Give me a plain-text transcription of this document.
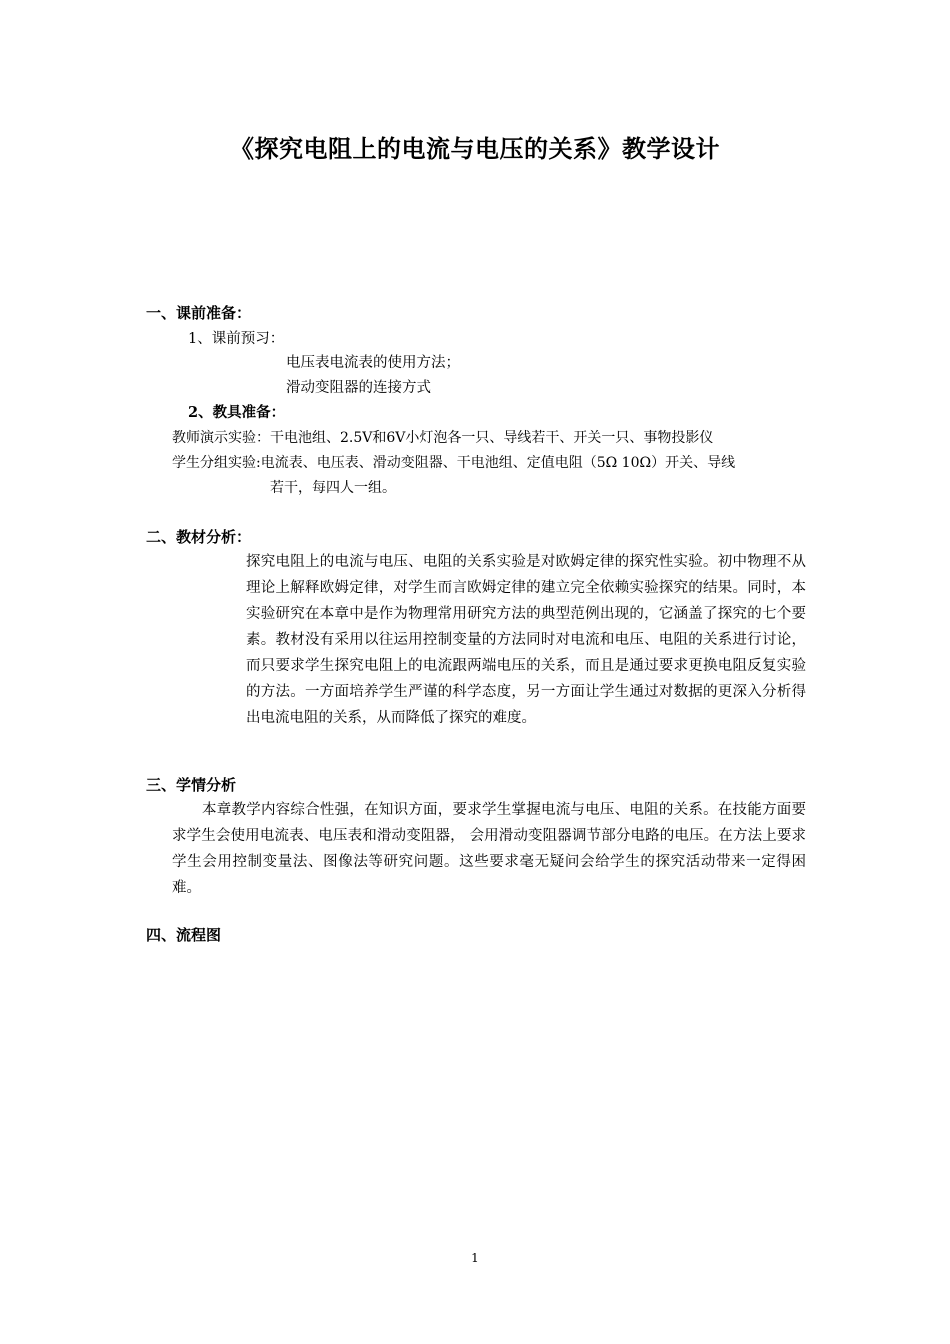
《探究电阻上的电流与电压的关系》教学设计
一、课前准备：
1、课前预习：
电压表电流表的使用方法；
滑动变阻器的连接方式
2、教具准备：
教师演示实验：干电池组、2.5V和6V小灯泡各一只、导线若干、开关一只、事物投影仪
学生分组实验:电流表、电压表、滑动变阻器、干电池组、定值电阻（5Ω 10Ω）开关、导线
若干，每四人一组。
二、教材分析：
探究电阻上的电流与电压、电阻的关系实验是对欧姆定律的探究性实验。初中物理不从理论上解释欧姆定律，对学生而言欧姆定律的建立完全依赖实验探究的结果。同时，本实验研究在本章中是作为物理常用研究方法的典型范例出现的，它涵盖了探究的七个要素。教材没有采用以往运用控制变量的方法同时对电流和电压、电阻的关系进行讨论，而只要求学生探究电阻上的电流跟两端电压的关系，而且是通过要求更换电阻反复实验的方法。一方面培养学生严谨的科学态度，另一方面让学生通过对数据的更深入分析得出电流电阻的关系，从而降低了探究的难度。
三、学情分析
本章教学内容综合性强，在知识方面，要求学生掌握电流与电压、电阻的关系。在技能方面要求学生会使用电流表、电压表和滑动变阻器， 会用滑动变阻器调节部分电路的电压。在方法上要求学生会用控制变量法、图像法等研究问题。这些要求毫无疑问会给学生的探究活动带来一定得困难。
四、流程图
1
